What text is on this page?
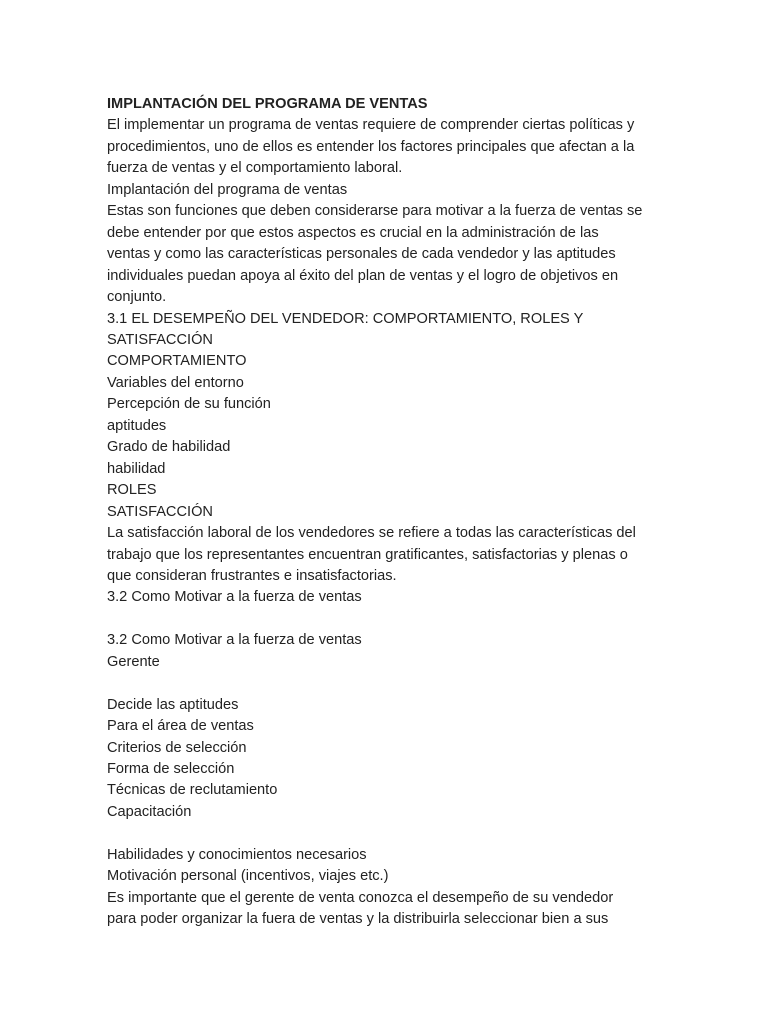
IMPLANTACIÓN DEL PROGRAMA DE VENTAS
El implementar un programa de ventas requiere de comprender ciertas políticas y
procedimientos, uno de ellos es entender los factores principales que afectan a la
fuerza de ventas y el comportamiento laboral.
Implantación del programa de ventas
Estas son funciones que deben considerarse para motivar a la fuerza de ventas se
debe entender por que estos aspectos es crucial en la administración de las
ventas y como las características personales de cada vendedor y las aptitudes
individuales puedan apoya al éxito del plan de ventas y el logro de objetivos en
conjunto.
3.1 EL DESEMPEÑO DEL VENDEDOR: COMPORTAMIENTO, ROLES Y
SATISFACCIÓN
COMPORTAMIENTO
Variables del entorno
Percepción de su función
aptitudes
Grado de habilidad
habilidad
ROLES
SATISFACCIÓN
La satisfacción laboral de los vendedores se refiere a todas las características del
trabajo que los representantes encuentran gratificantes, satisfactorias y plenas o
que consideran frustrantes e insatisfactorias.
3.2 Como Motivar a la fuerza de ventas
3.2 Como Motivar a la fuerza de ventas
Gerente
Decide las aptitudes
Para el área de ventas
Criterios de selección
Forma de selección
Técnicas de reclutamiento
Capacitación
Habilidades y conocimientos necesarios
Motivación personal (incentivos, viajes etc.)
Es importante que el gerente de venta conozca el desempeño de su vendedor
para poder organizar la fuera de ventas y la distribuirla seleccionar bien a sus
